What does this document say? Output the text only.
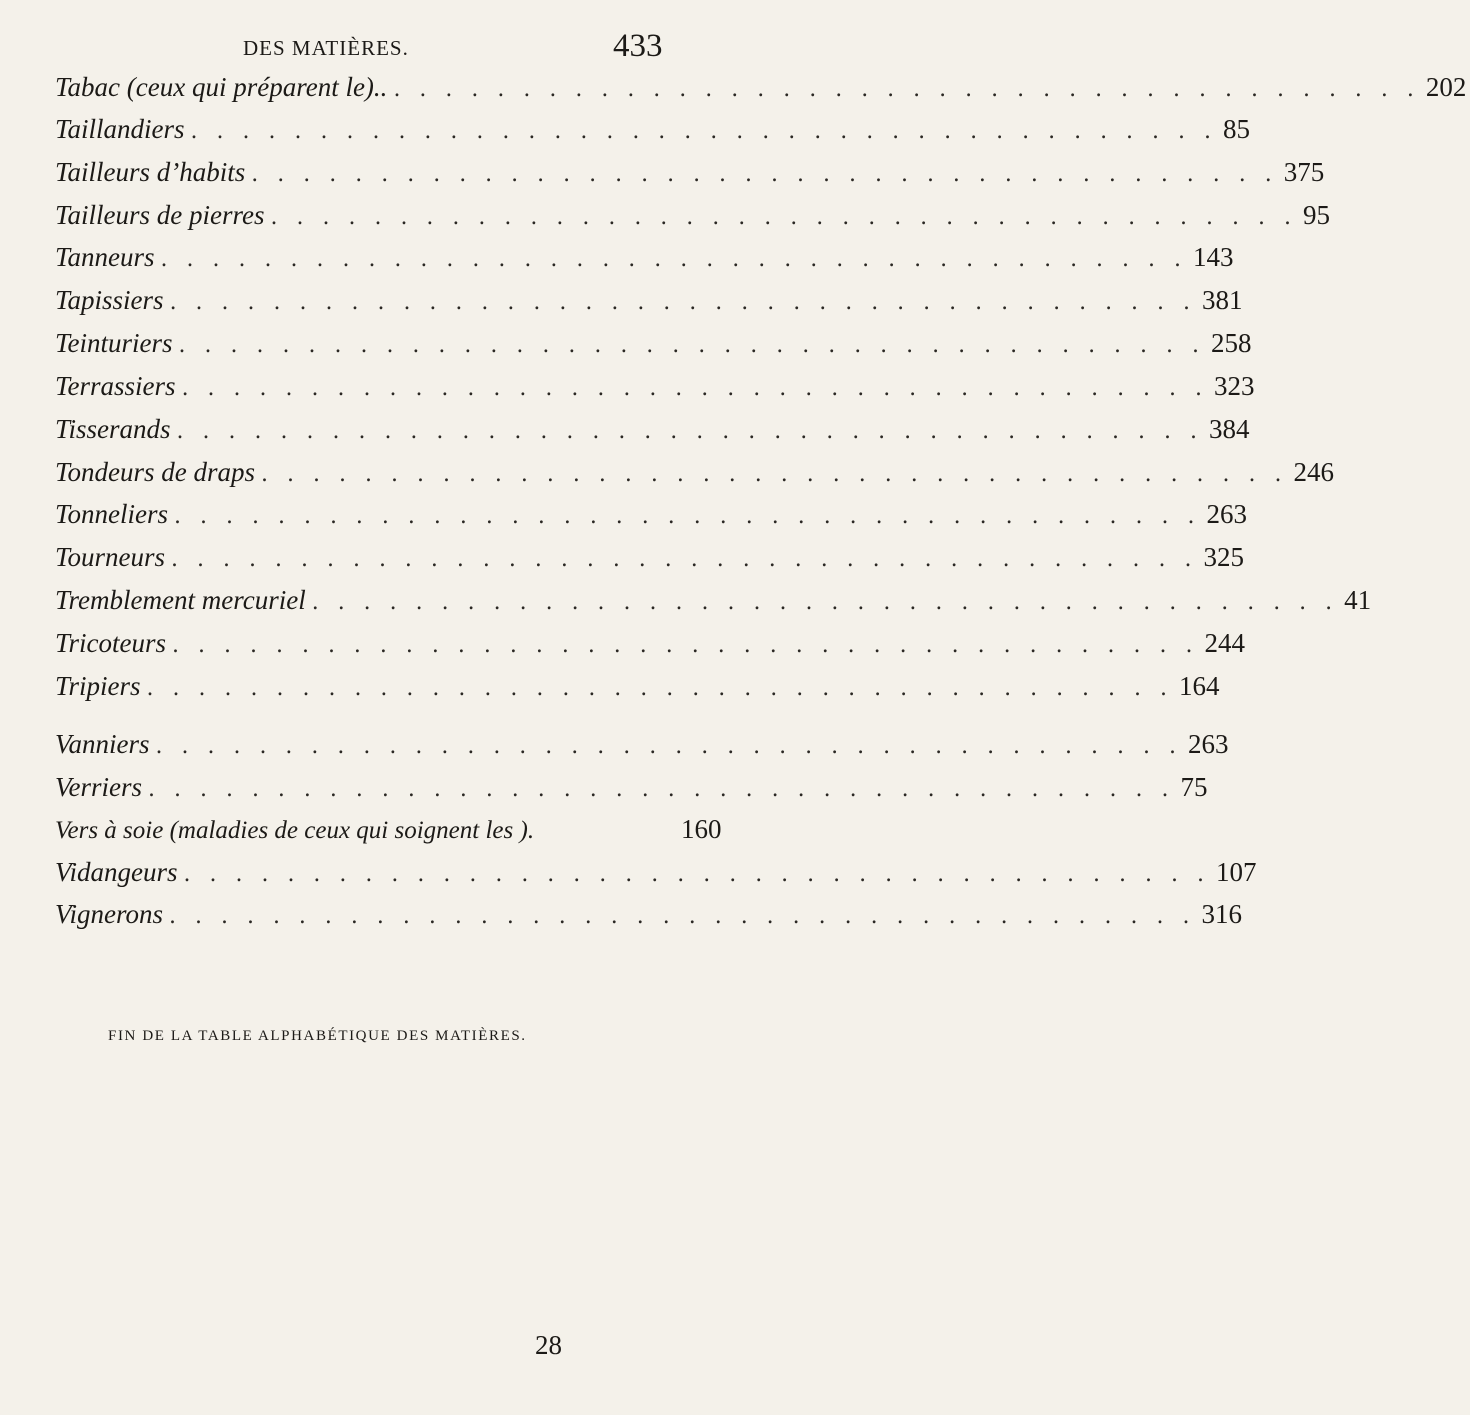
DES MATIÈRES.	433
Tabac (ceux qui préparent le).. . . . . . . . . . . . . . . . . . . . . . . . . . . . . . . . . . . . . . . . . 202
Taillandiers . . . . . . . . . . . . . . . . . . . . . . . . . . . . . . . . . . . . . . . . 85
Tailleurs d’habits . . . . . . . . . . . . . . . . . . . . . . . . . . . . . . . . . . . . . . . . 375
Tailleurs de pierres . . . . . . . . . . . . . . . . . . . . . . . . . . . . . . . . . . . . . . . . 95
Tanneurs . . . . . . . . . . . . . . . . . . . . . . . . . . . . . . . . . . . . . . . . 143
Tapissiers . . . . . . . . . . . . . . . . . . . . . . . . . . . . . . . . . . . . . . . . 381
Teinturiers . . . . . . . . . . . . . . . . . . . . . . . . . . . . . . . . . . . . . . . . 258
Terrassiers . . . . . . . . . . . . . . . . . . . . . . . . . . . . . . . . . . . . . . . . 323
Tisserands . . . . . . . . . . . . . . . . . . . . . . . . . . . . . . . . . . . . . . . . 384
Tondeurs de draps . . . . . . . . . . . . . . . . . . . . . . . . . . . . . . . . . . . . . . . . 246
Tonneliers . . . . . . . . . . . . . . . . . . . . . . . . . . . . . . . . . . . . . . . . 263
Tourneurs . . . . . . . . . . . . . . . . . . . . . . . . . . . . . . . . . . . . . . . . 325
Tremblement mercuriel . . . . . . . . . . . . . . . . . . . . . . . . . . . . . . . . . . . . . . . . 41
Tricoteurs . . . . . . . . . . . . . . . . . . . . . . . . . . . . . . . . . . . . . . . . 244
Tripiers . . . . . . . . . . . . . . . . . . . . . . . . . . . . . . . . . . . . . . . . 164
Vanniers . . . . . . . . . . . . . . . . . . . . . . . . . . . . . . . . . . . . . . . . 263
Verriers . . . . . . . . . . . . . . . . . . . . . . . . . . . . . . . . . . . . . . . . 75
Vers à soie (maladies de ceux qui soignent les ).	160
Vidangeurs . . . . . . . . . . . . . . . . . . . . . . . . . . . . . . . . . . . . . . . . 107
Vignerons . . . . . . . . . . . . . . . . . . . . . . . . . . . . . . . . . . . . . . . . 316
FIN DE LA TABLE ALPHABÉTIQUE DES MATIÈRES.
28
